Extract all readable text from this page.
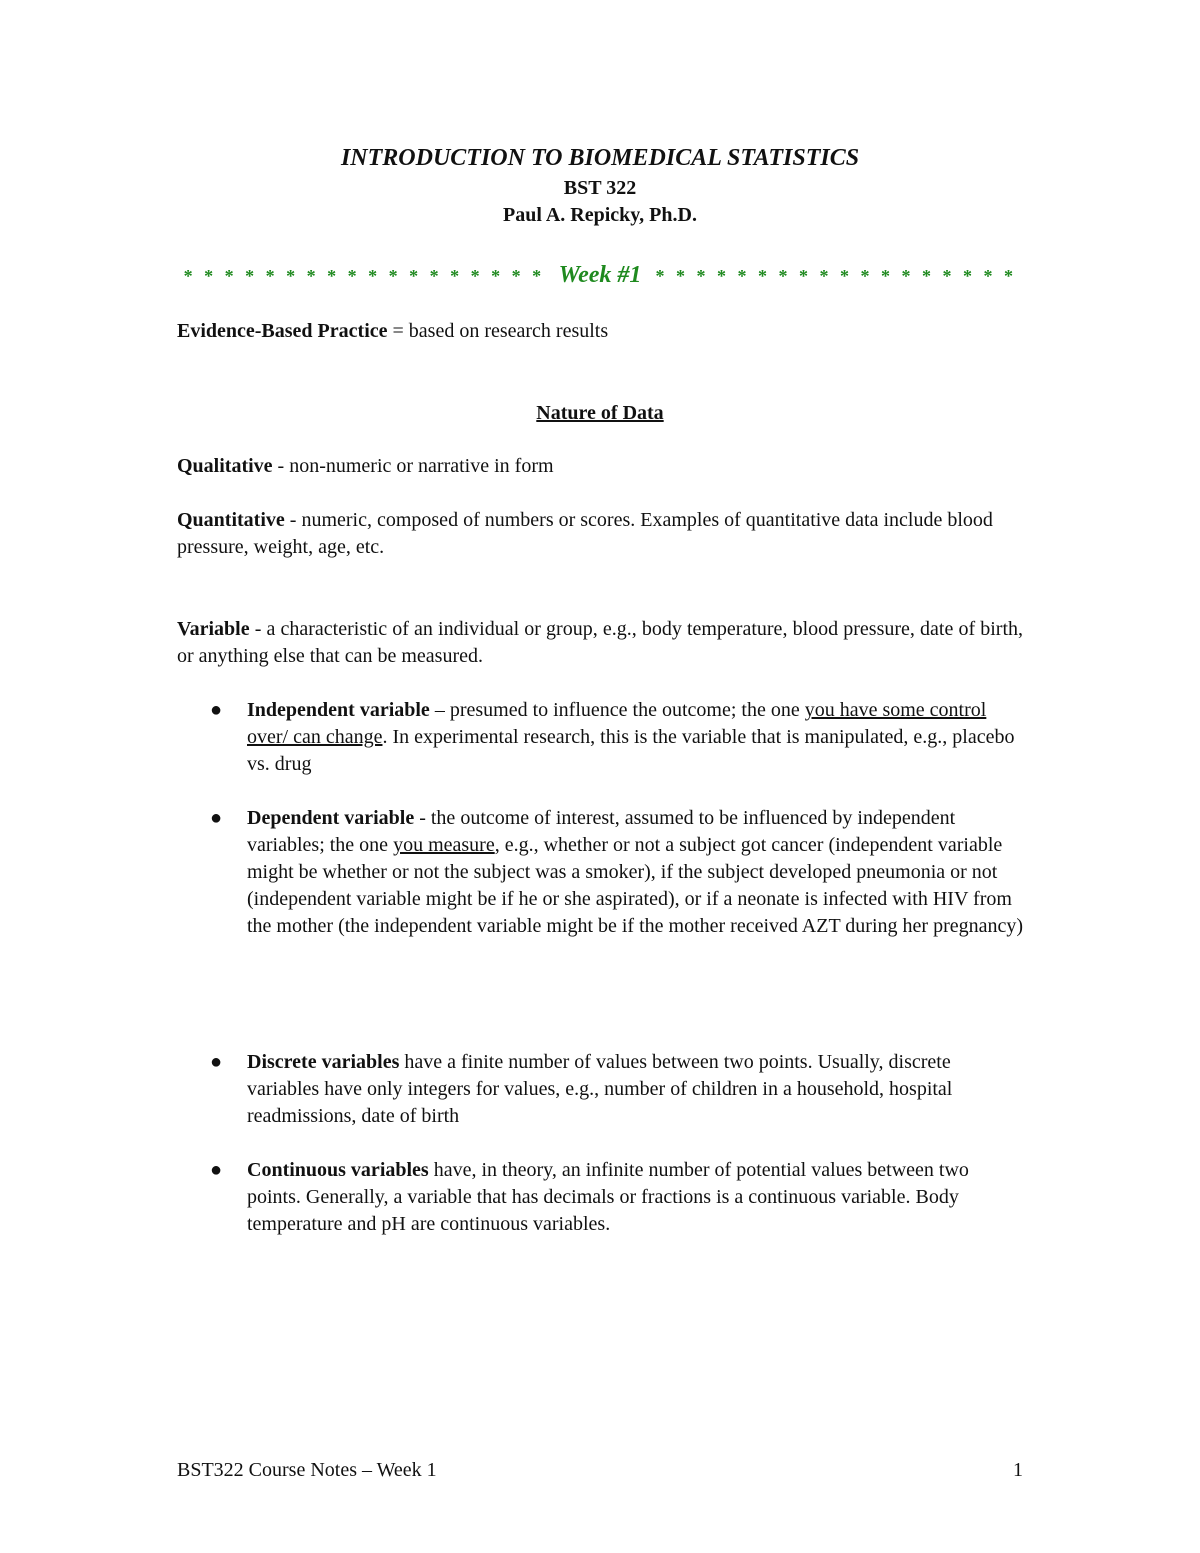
INTRODUCTION TO BIOMEDICAL STATISTICS
BST 322
Paul A. Repicky, Ph.D.
* * * * * * * * * * * * * * * * * * Week #1 * * * * * * * * * * * * * * * * * *
Evidence-Based Practice = based on research results
Nature of Data
Qualitative - non-numeric or narrative in form
Quantitative - numeric, composed of numbers or scores. Examples of quantitative data include blood pressure, weight, age, etc.
Variable - a characteristic of an individual or group, e.g., body temperature, blood pressure, date of birth, or anything else that can be measured.
● Independent variable – presumed to influence the outcome; the one you have some control over/ can change. In experimental research, this is the variable that is manipulated, e.g., placebo vs. drug
● Dependent variable - the outcome of interest, assumed to be influenced by independent variables; the one you measure, e.g., whether or not a subject got cancer (independent variable might be whether or not the subject was a smoker), if the subject developed pneumonia or not (independent variable might be if he or she aspirated), or if a neonate is infected with HIV from the mother (the independent variable might be if the mother received AZT during her pregnancy)
● Discrete variables have a finite number of values between two points. Usually, discrete variables have only integers for values, e.g., number of children in a household, hospital readmissions, date of birth
● Continuous variables have, in theory, an infinite number of potential values between two points. Generally, a variable that has decimals or fractions is a continuous variable. Body temperature and pH are continuous variables.
BST322 Course Notes – Week 1	1
